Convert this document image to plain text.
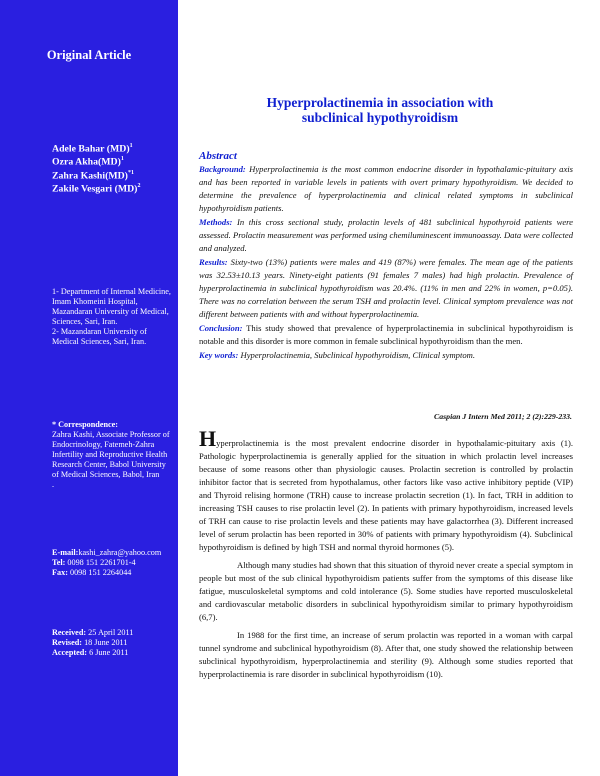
Original Article
Adele Bahar (MD)$^1$
Ozra Akha(MD)$^1$
Zahra Kashi(MD)$^{*1}$
Zakile Vesgari (MD)$^2$
1- Department of Internal Medicine, Imam Khomeini Hospital, Mazandaran University of Medical, Sciences, Sari, Iran.
2- Mazandaran University of Medical Sciences, Sari, Iran.
* Correspondence:
Zahra Kashi, Associate Professor of Endocrinology, Fatemeh-Zahra Infertility and Reproductive Health Research Center, Babol University of Medical Sciences, Babol, Iran
.
E-mail:kashi_zahra@yahoo.com
Tel: 0098 151 2261701-4
Fax: 0098 151 2264044
Received: 25 April 2011
Revised: 18 June 2011
Accepted: 6 June 2011
Hyperprolactinemia in association with
subclinical hypothyroidism
Abstract

Background: Hyperprolactinemia is the most common endocrine disorder in hypothalamic-pituitary axis and has been reported in variable levels in patients with overt primary hypothyroidism. We decided to determine the prevalence of hyperprolactinemia and clinical related symptoms in subclinical hypothyroidism patients.

Methods: In this cross sectional study, prolactin levels of 481 subclinical hypothyroid patients were assessed. Prolactin measurement was performed using chemiluminescent immunoassay. Data were collected and analyzed.

Results: Sixty-two (13%) patients were males and 419 (87%) were females. The mean age of the patients was 32.53±10.13 years. Ninety-eight patients (91 females 7 males) had high prolactin. Prevalence of hyperprolactinemia in subclinical hypothyroidism was 20.4%. (11% in men and 22% in women, p=0.05). There was no correlation between the serum TSH and prolactin level. Clinical symptom prevalence was not different between patients with and without hyperprolactinemia.

Conclusion: This study showed that prevalence of hyperprolactinemia in subclinical hypothyroidism is notable and this disorder is more common in female subclinical hypothyroidism than the men.

Key words: Hyperprolactinemia, Subclinical hypothyroidism, Clinical symptom.

Caspian J Intern Med 2011; 2 (2):229-233.

Hyperprolactinemia is the most prevalent endocrine disorder in hypothalamic-pituitary axis (1). Pathologic hyperprolactinemia is generally applied for the situation in which prolactin level increases because of some reasons other than physiologic causes. Prolactin secretion is controlled by prolactin inhibitor factor that is secreted from hypothalamus, other factors like vaso active inhibitory peptide (VIP) and Thyroid relising hormone (TRH) cause to increase prolactin secretion (1). In fact, TRH in addition to increasing TSH causes to rise prolactin level (2). In patients with primary hypothyroidism, increased levels of TRH can cause to rise prolactin levels and these patients may have galactorrhea (3). Different increased level of serum prolactin has been reported in 30% of patients with primary hypothyroidism (4). Subclinical hypothyroidism is defined by high TSH and normal thyroid hormones (5).

Although many studies had shown that this situation of thyroid never create a special symptom in people but most of the sub clinical hypothyroidism patients suffer from the symptoms of this disease like fatigue, musculoskeletal symptoms and cold intolerance (5). Some studies have reported musculoskeletal and cardiovascular metabolic disorders in subclinical hypothyroidism similar to primary hypothyroidism (6,7).

In 1988 for the first time, an increase of serum prolactin was reported in a woman with carpal tunnel syndrome and subclinical hypothyroidism (8). After that, one study showed the relationship between subclinical hypothyroidism, hyperprolactinemia and sterility (9). Although some studies reported that hyperprolactinemia is rare disorder in subclinical hypothyroidism (10).
